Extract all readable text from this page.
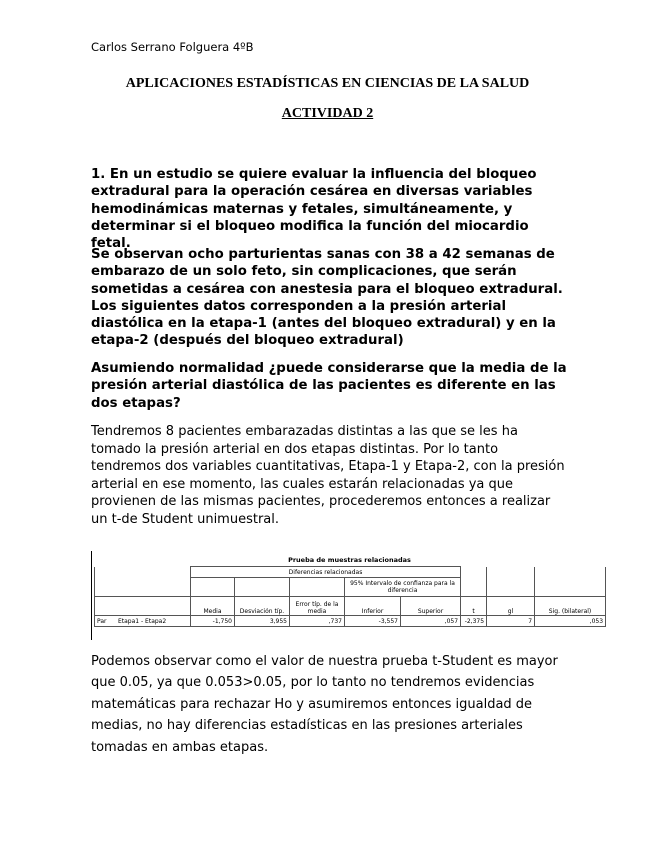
Carlos Serrano Folguera 4ºB
APLICACIONES ESTADÍSTICAS EN CIENCIAS DE LA SALUD
ACTIVIDAD 2
1. En un estudio se quiere evaluar la influencia del bloqueo extradural para la operación cesárea en diversas variables hemodinámicas maternas y fetales, simultáneamente, y determinar si el bloqueo modifica la función del miocardio fetal.
Se observan ocho parturientas sanas con 38 a 42 semanas de embarazo de un solo feto, sin complicaciones, que serán sometidas a cesárea con anestesia para el bloqueo extradural. Los siguientes datos corresponden a la presión arterial diastólica en la etapa-1 (antes del bloqueo extradural) y en la etapa-2 (después del bloqueo extradural)
Asumiendo normalidad ¿puede considerarse que la media de la presión arterial diastólica de las pacientes es diferente en las dos etapas?
Tendremos 8 pacientes embarazadas distintas a las que se les ha tomado la presión arterial en dos etapas distintas. Por lo tanto tendremos dos variables cuantitativas, Etapa-1 y Etapa-2, con la presión arterial en ese momento, las cuales estarán relacionadas ya que provienen de las mismas pacientes, procederemos entonces a realizar un t-de Student unimuestral.
Prueba de muestras relacionadas
	Diferencias relacionadas							
				95% Intervalo de confianza para la diferencia				
	Media	Desviación típ.	Error típ. de la media	Inferior	Superior	t	gl	Sig. (bilateral)
Par Etapa1 - Etapa2	-1,750	3,955	,737	-3,557	,057	-2,375	7	,053
Podemos observar como el valor de nuestra prueba t-Student es mayor que 0.05, ya que 0.053>0.05, por lo tanto no tendremos evidencias matemáticas para rechazar Ho y asumiremos entonces igualdad de medias, no hay diferencias estadísticas en las presiones arteriales tomadas en ambas etapas.
